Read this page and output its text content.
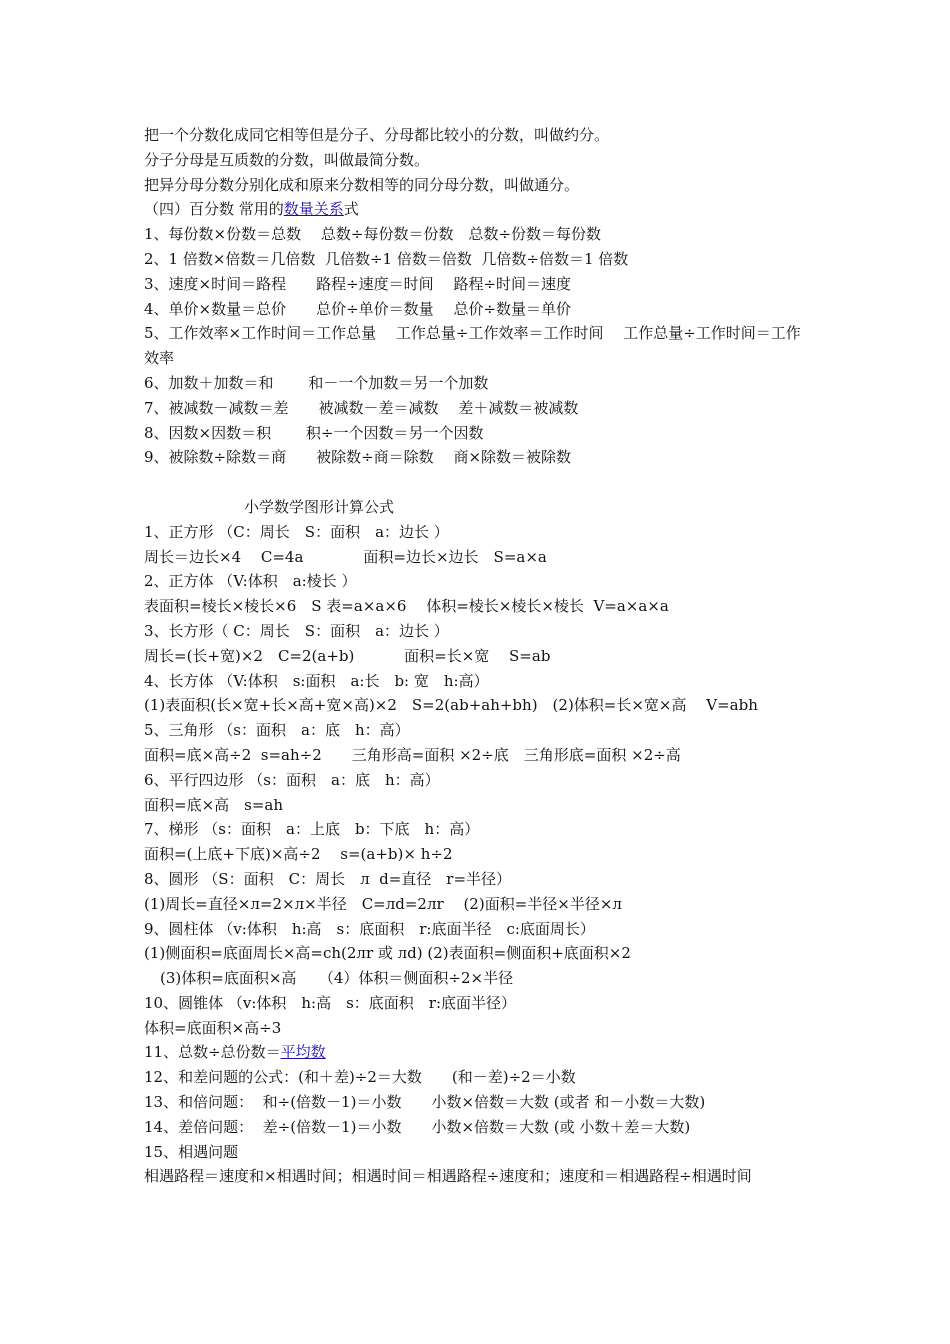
把一个分数化成同它相等但是分子、分母都比较小的分数，叫做约分。
分子分母是互质数的分数，叫做最简分数。
把异分母分数分别化成和原来分数相等的同分母分数，叫做通分。
（四）百分数 常用的数量关系式
1、每份数×份数＝总数　 总数÷每份数＝份数　总数÷份数＝每份数
2、1 倍数×倍数＝几倍数  几倍数÷1 倍数＝倍数  几倍数÷倍数＝1 倍数
3、速度×时间＝路程　　路程÷速度＝时间　 路程÷时间＝速度
4、单价×数量＝总价　　总价÷单价＝数量　 总价÷数量＝单价
5、工作效率×工作时间＝工作总量　 工作总量÷工作效率＝工作时间　 工作总量÷工作时间＝工作效率
6、加数＋加数＝和　　 和－一个加数＝另一个加数
7、被减数－减数＝差　　被减数－差＝减数　 差＋减数＝被减数
8、因数×因数＝积　　 积÷一个因数＝另一个因数
9、被除数÷除数＝商　　被除数÷商＝除数　 商×除数＝被除数
小学数学图形计算公式
1、正方形 （C：周长　S：面积　a：边长 ）
周长＝边长×4　 C=4a　　　　面积=边长×边长　S=a×a
2、正方体 （V:体积　a:棱长 ）
表面积=棱长×棱长×6　S 表=a×a×6　 体积=棱长×棱长×棱长  V=a×a×a
3、长方形（ C：周长　S：面积　a：边长 ）
周长=(长+宽)×2　C=2(a+b)　　　 面积=长×宽　 S=ab
4、长方体 （V:体积　s:面积　a:长　b: 宽　h:高）
(1)表面积(长×宽+长×高+宽×高)×2　S=2(ab+ah+bh)　(2)体积=长×宽×高　 V=abh
5、三角形 （s：面积　a：底　h：高）
面积=底×高÷2  s=ah÷2　　三角形高=面积 ×2÷底　三角形底=面积 ×2÷高
6、平行四边形 （s：面积　a：底　h：高）
面积=底×高　s=ah
7、梯形 （s：面积　a：上底　b：下底　h：高）
面积=(上底+下底)×高÷2　 s=(a+b)× h÷2
8、圆形 （S：面积　C：周长　л  d=直径　r=半径）
(1)周长=直径×л=2×л×半径　C=лd=2лr　 (2)面积=半径×半径×л
9、圆柱体 （v:体积　h:高　s：底面积　r:底面半径　c:底面周长）
(1)侧面积=底面周长×高=ch(2лr 或 лd) (2)表面积=侧面积+底面积×2
(3)体积=底面积×高　　（4）体积＝侧面积÷2×半径
10、圆锥体 （v:体积　h:高　s：底面积　r:底面半径）
体积=底面积×高÷3
11、总数÷总份数＝平均数
12、和差问题的公式：(和＋差)÷2＝大数　　(和－差)÷2＝小数
13、和倍问题：  和÷(倍数－1)＝小数　　小数×倍数＝大数 (或者 和－小数＝大数)
14、差倍问题：  差÷(倍数－1)＝小数　　小数×倍数＝大数 (或 小数＋差＝大数)
15、相遇问题
相遇路程＝速度和×相遇时间；相遇时间＝相遇路程÷速度和；速度和＝相遇路程÷相遇时间
